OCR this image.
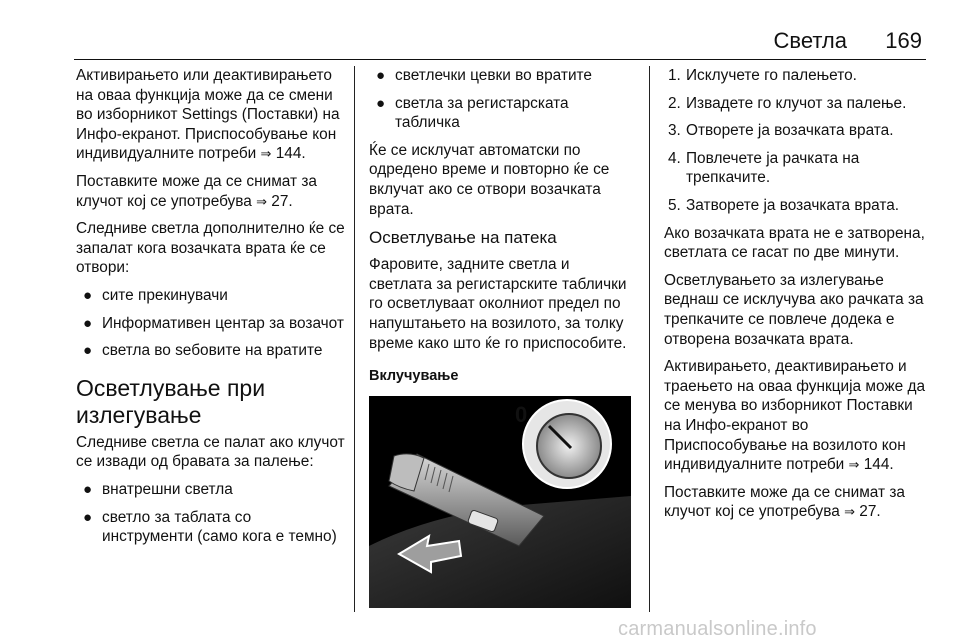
Светла 169

Активирањето или деактивирањето на оваа функција може да се смени во изборникот Settings (Поставки) на Инфо-екранот. Приспособување кон индивидуалните потреби ⇒ 144.

Поставките може да се снимат за клучот кој се употребува ⇒ 27.

Следниве светла дополнително ќе се запалат кога возачката врата ќе се отвори:

● сите прекинувачи
● Информативен центар за возачот
● светла во ѕебовите на вратите
Осветлување при излегување

Следниве светла се палат ако клучот се извади од бравата за палење:

● внатрешни светла
● светло за таблата со инструменти (само кога е темно)
● светлечки цевки во вратите
● светла за регистарската табличка

Ќе се исклучат автоматски по одредено време и повторно ќе се вклучат ако се отвори возачката врата.

Осветлување на патека

Фаровите, задните светла и светлата за регистарските таблички го осветлуваат околниот предел по напуштањето на возилото, за толку време како што ќе го приспособите.

Вклучување
0
1. Исклучете го палењето.
2. Извадете го клучот за палење.
3. Отворете ја возачката врата.
4. Повлечете ја рачката на трепкачите.
5. Затворете ја возачката врата.

Ако возачката врата не е затворена, светлата се гасат по две минути.

Осветлувањето за излегување веднаш се исклучува ако рачката за трепкачите се повлече додека е отворена возачката врата.

Активирањето, деактивирањето и траењето на оваа функција може да се менува во изборникот Поставки на Инфо-екранот во Приспособување на возилото кон индивидуалните потреби ⇒ 144.

Поставките може да се снимат за клучот кој се употребува ⇒ 27.

carmanualsonline.info
